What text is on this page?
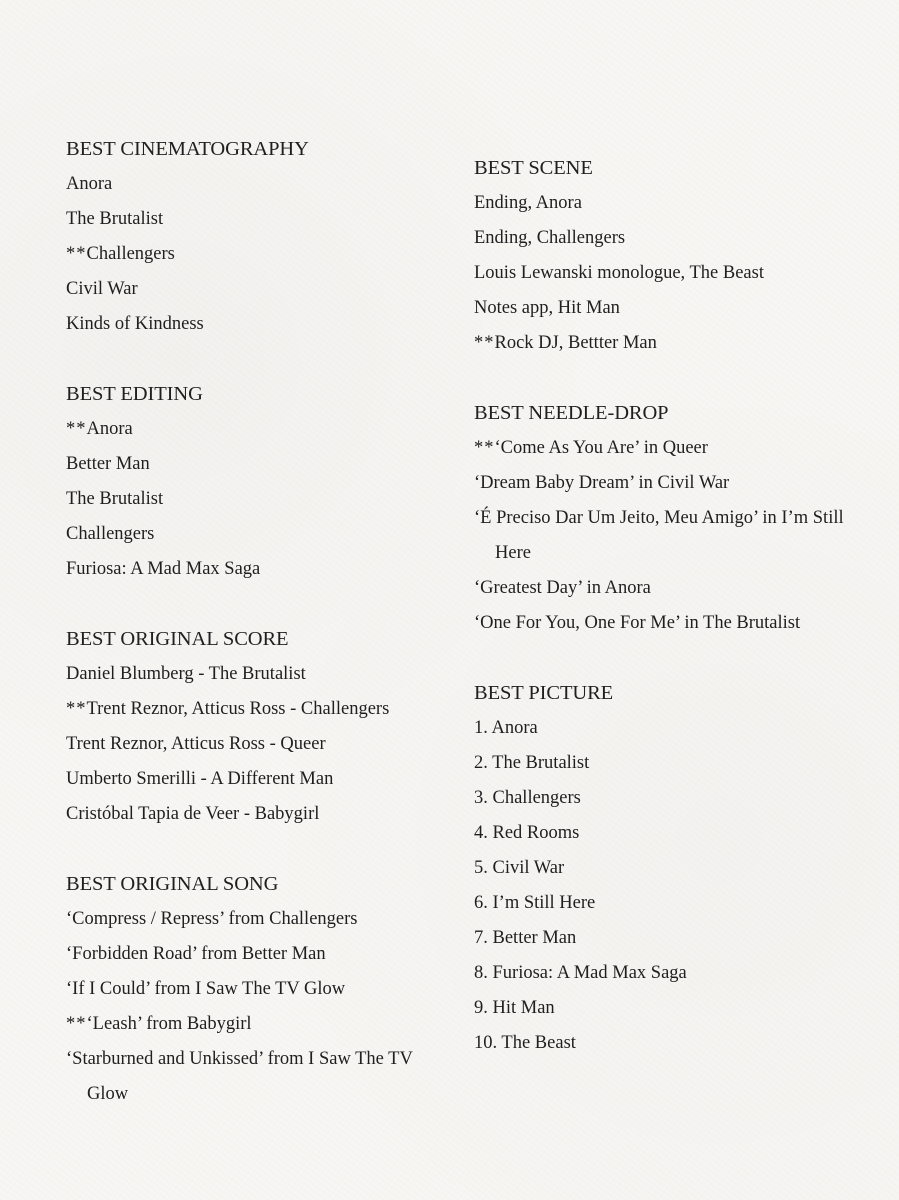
BEST CINEMATOGRAPHY
Anora
The Brutalist
**Challengers
Civil War
Kinds of Kindness
BEST EDITING
**Anora
Better Man
The Brutalist
Challengers
Furiosa: A Mad Max Saga
BEST ORIGINAL SCORE
Daniel Blumberg - The Brutalist
**Trent Reznor, Atticus Ross - Challengers
Trent Reznor, Atticus Ross - Queer
Umberto Smerilli - A Different Man
Cristóbal Tapia de Veer - Babygirl
BEST ORIGINAL SONG
‘Compress / Repress’ from Challengers
‘Forbidden Road’ from Better Man
‘If I Could’ from I Saw The TV Glow
**‘Leash’ from Babygirl
‘Starburned and Unkissed’ from I Saw The TV Glow
BEST SCENE
Ending, Anora
Ending, Challengers
Louis Lewanski monologue, The Beast
Notes app, Hit Man
**Rock DJ, Bettter Man
BEST NEEDLE-DROP
**‘Come As You Are’ in Queer
‘Dream Baby Dream’ in Civil War
‘É Preciso Dar Um Jeito, Meu Amigo’ in I’m Still Here
‘Greatest Day’ in Anora
‘One For You, One For Me’ in The Brutalist
BEST PICTURE
1. Anora
2. The Brutalist
3. Challengers
4. Red Rooms
5. Civil War
6. I’m Still Here
7. Better Man
8. Furiosa: A Mad Max Saga
9. Hit Man
10. The Beast
